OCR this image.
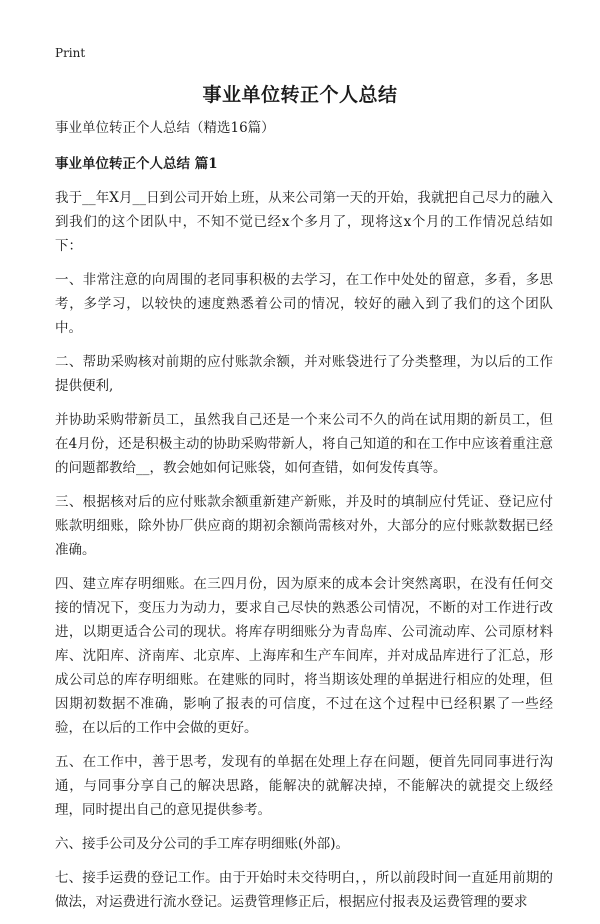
Print
事业单位转正个人总结

事业单位转正个人总结（精选16篇）

事业单位转正个人总结 篇1

我于__年X月__日到公司开始上班，从来公司第一天的开始，我就把自己尽力的融入到我们的这个团队中，不知不觉已经x个多月了，现将这x个月的工作情况总结如下：

一、非常注意的向周围的老同事积极的去学习，在工作中处处的留意，多看，多思考，多学习，以较快的速度熟悉着公司的情况，较好的融入到了我们的这个团队中。

二、帮助采购核对前期的应付账款余额，并对账袋进行了分类整理，为以后的工作提供便利,

并协助采购带新员工，虽然我自己还是一个来公司不久的尚在试用期的新员工，但在4月份，还是积极主动的协助采购带新人，将自己知道的和在工作中应该着重注意的问题都教给__，教会她如何记账袋，如何查错，如何发传真等。

三、根据核对后的应付账款余额重新建产新账，并及时的填制应付凭证、登记应付账款明细账，除外协厂供应商的期初余额尚需核对外，大部分的应付账款数据已经准确。

四、建立库存明细账。在三四月份，因为原来的成本会计突然离职，在没有任何交接的情况下，变压力为动力，要求自己尽快的熟悉公司情况，不断的对工作进行改进，以期更适合公司的现状。将库存明细账分为青岛库、公司流动库、公司原材料库、沈阳库、济南库、北京库、上海库和生产车间库，并对成品库进行了汇总，形成公司总的库存明细账。在建账的同时，将当期该处理的单据进行相应的处理，但因期初数据不准确，影响了报表的可信度，不过在这个过程中已经积累了一些经验，在以后的工作中会做的更好。

五、在工作中，善于思考，发现有的单据在处理上存在问题，便首先同同事进行沟通，与同事分享自己的解决思路，能解决的就解决掉，不能解决的就提交上级经理，同时提出自己的意见提供参考。

六、接手公司及分公司的手工库存明细账(外部)。

七、接手运费的登记工作。由于开始时未交待明白，，所以前段时间一直延用前期的做法，对运费进行流水登记。运费管理修正后，根据应付报表及运费管理的要求
